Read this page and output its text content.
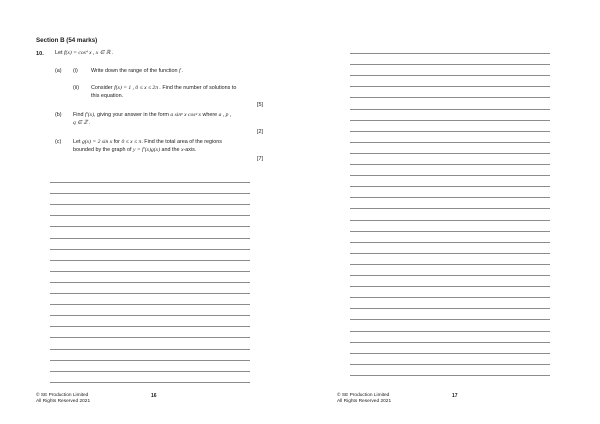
Section B (54 marks)
10. Let f(x) = cos⁴ x , x ∈ ℝ .
(a) (i) Write down the range of the function f .
(ii) Consider f(x) = 1 , 0 ≤ x ≤ 2π . Find the number of solutions to
this equation.
[5]
(b) Find f′(x), giving your answer in the form a sinᵖ x cosᵍ x where a , p ,
q ∈ ℤ .
[2]
(c) Let g(x) = 2 sin x for 0 ≤ x ≤ π. Find the total area of the regions
bounded by the graph of y = f′(x)g(x) and the x-axis.
[7]
© SE Production Limited
All Rights Reserved 2021
16	© SE Production Limited
All Rights Reserved 2021
17
